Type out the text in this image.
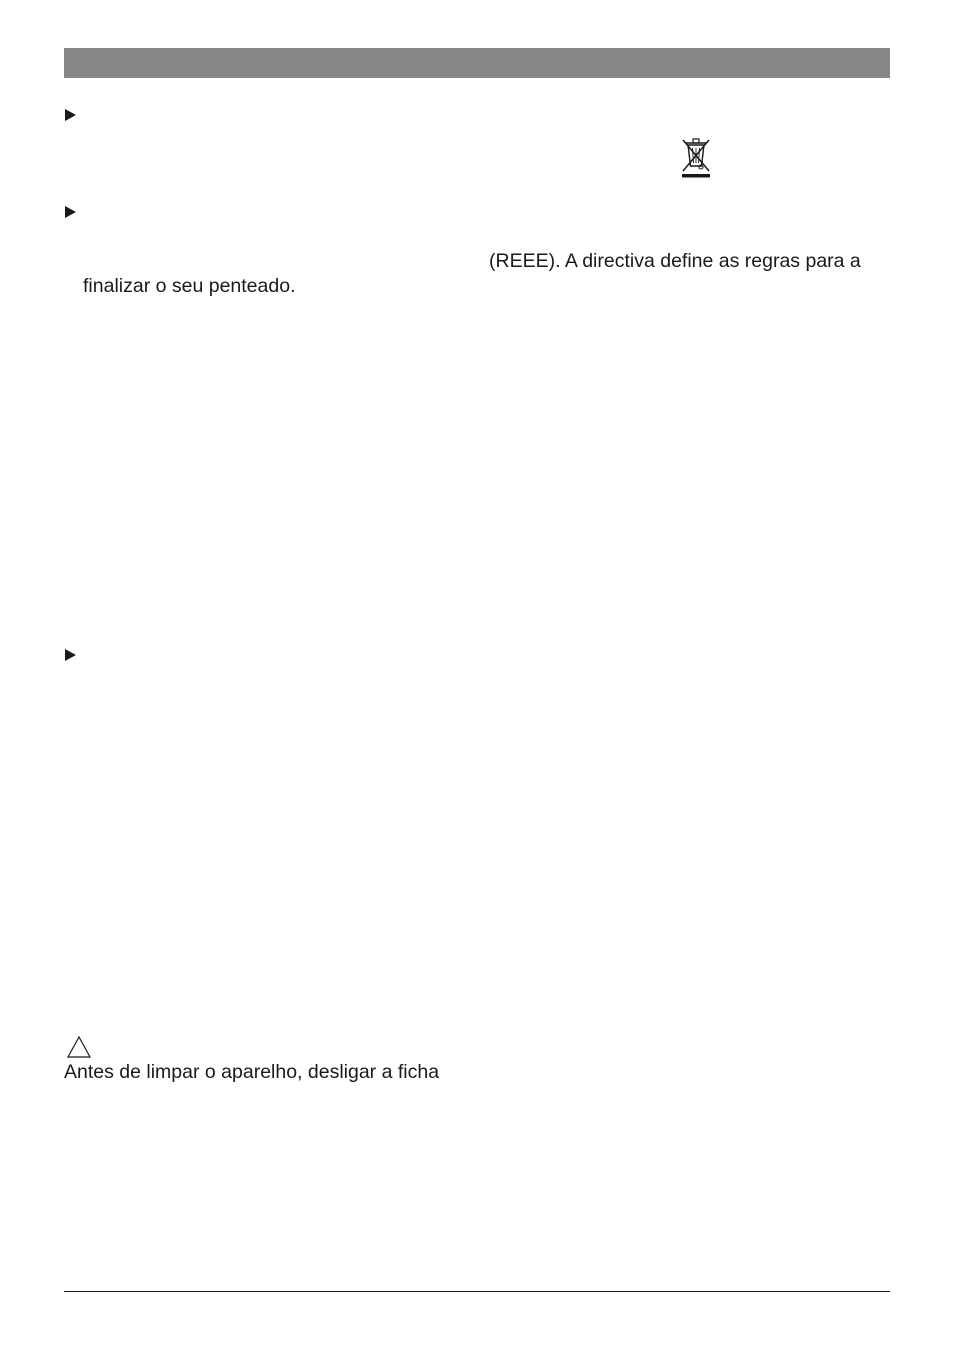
(REEE). A directiva define as regras para a
finalizar o seu penteado.
Antes de limpar o aparelho, desligar a ficha
